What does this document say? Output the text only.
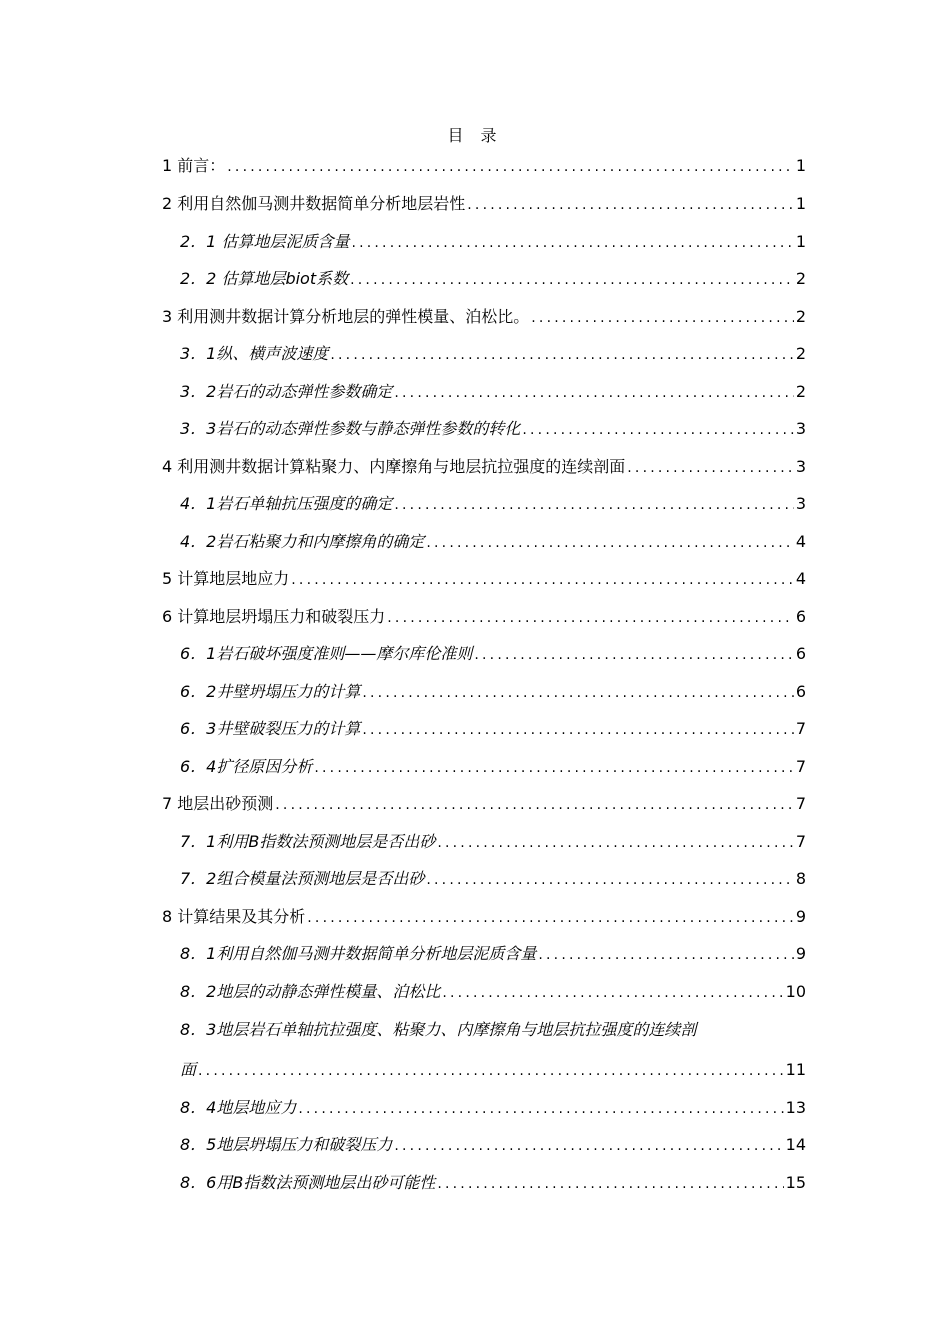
目 录
1 前言： .....	1
2 利用自然伽马测井数据简单分析地层岩性 .....	1
2．1 估算地层泥质含量 .....	1
2．2 估算地层biot系数 .....	2
3 利用测井数据计算分析地层的弹性模量、泊松比。 .....	2
3．1纵、横声波速度 .....	2
3．2岩石的动态弹性参数确定 .....	2
3．3岩石的动态弹性参数与静态弹性参数的转化 .....	3
4 利用测井数据计算粘聚力、内摩擦角与地层抗拉强度的连续剖面 .....	3
4．1岩石单轴抗压强度的确定 .....	3
4．2岩石粘聚力和内摩擦角的确定 .....	4
5 计算地层地应力 .....	4
6 计算地层坍塌压力和破裂压力 .....	6
6．1岩石破坏强度准则——摩尔库伦准则 .....	6
6．2井壁坍塌压力的计算 .....	6
6．3井壁破裂压力的计算 .....	7
6．4扩径原因分析 .....	7
7 地层出砂预测 .....	7
7．1利用B指数法预测地层是否出砂 .....	7
7．2组合模量法预测地层是否出砂 .....	8
8 计算结果及其分析 .....	9
8．1利用自然伽马测井数据简单分析地层泥质含量 .....	9
8．2地层的动静态弹性模量、泊松比 .....	10
8．3地层岩石单轴抗拉强度、粘聚力、内摩擦角与地层抗拉强度的连续剖
面 .....	11
8．4地层地应力 .....	13
8．5地层坍塌压力和破裂压力 .....	14
8．6用B指数法预测地层出砂可能性 .....	15
